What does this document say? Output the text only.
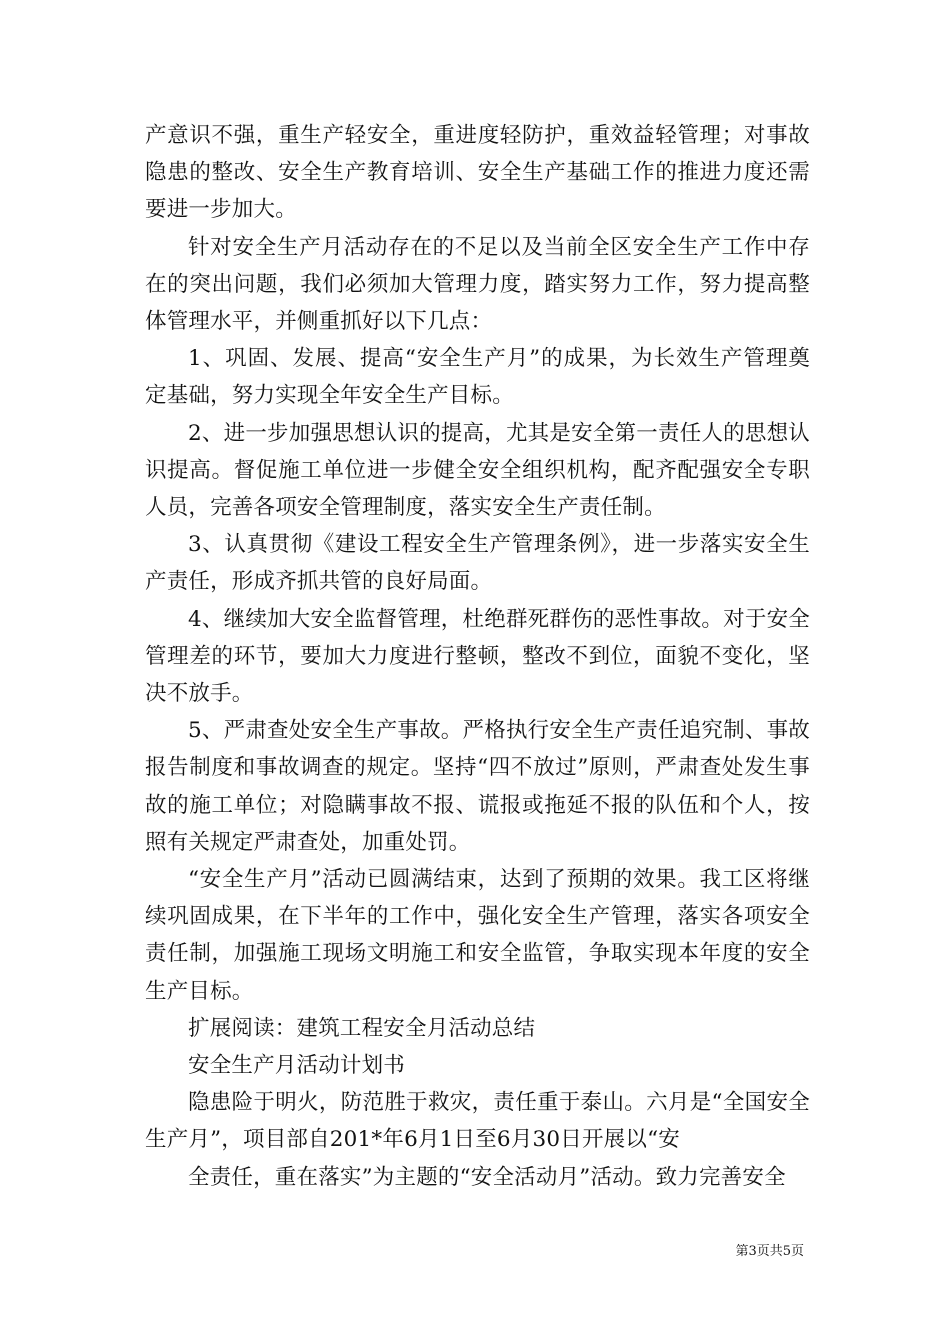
产意识不强，重生产轻安全，重进度轻防护，重效益轻管理；对事故隐患的整改、安全生产教育培训、安全生产基础工作的推进力度还需要进一步加大。

针对安全生产月活动存在的不足以及当前全区安全生产工作中存在的突出问题，我们必须加大管理力度，踏实努力工作，努力提高整体管理水平，并侧重抓好以下几点：

1、巩固、发展、提高“安全生产月”的成果，为长效生产管理奠定基础，努力实现全年安全生产目标。

2、进一步加强思想认识的提高，尤其是安全第一责任人的思想认识提高。督促施工单位进一步健全安全组织机构，配齐配强安全专职人员，完善各项安全管理制度，落实安全生产责任制。

3、认真贯彻《建设工程安全生产管理条例》，进一步落实安全生产责任，形成齐抓共管的良好局面。

4、继续加大安全监督管理，杜绝群死群伤的恶性事故。对于安全管理差的环节，要加大力度进行整顿，整改不到位，面貌不变化，坚决不放手。

5、严肃查处安全生产事故。严格执行安全生产责任追究制、事故报告制度和事故调查的规定。坚持“四不放过”原则，严肃查处发生事故的施工单位；对隐瞒事故不报、谎报或拖延不报的队伍和个人，按照有关规定严肃查处，加重处罚。

“安全生产月”活动已圆满结束，达到了预期的效果。我工区将继续巩固成果，在下半年的工作中，强化安全生产管理，落实各项安全责任制，加强施工现场文明施工和安全监管，争取实现本年度的安全生产目标。

扩展阅读：建筑工程安全月活动总结

安全生产月活动计划书

隐患险于明火，防范胜于救灾，责任重于泰山。六月是“全国安全生产月”，项目部自201*年6月1日至6月30日开展以“安

全责任，重在落实”为主题的“安全活动月”活动。致力完善安全

第3页共5页
